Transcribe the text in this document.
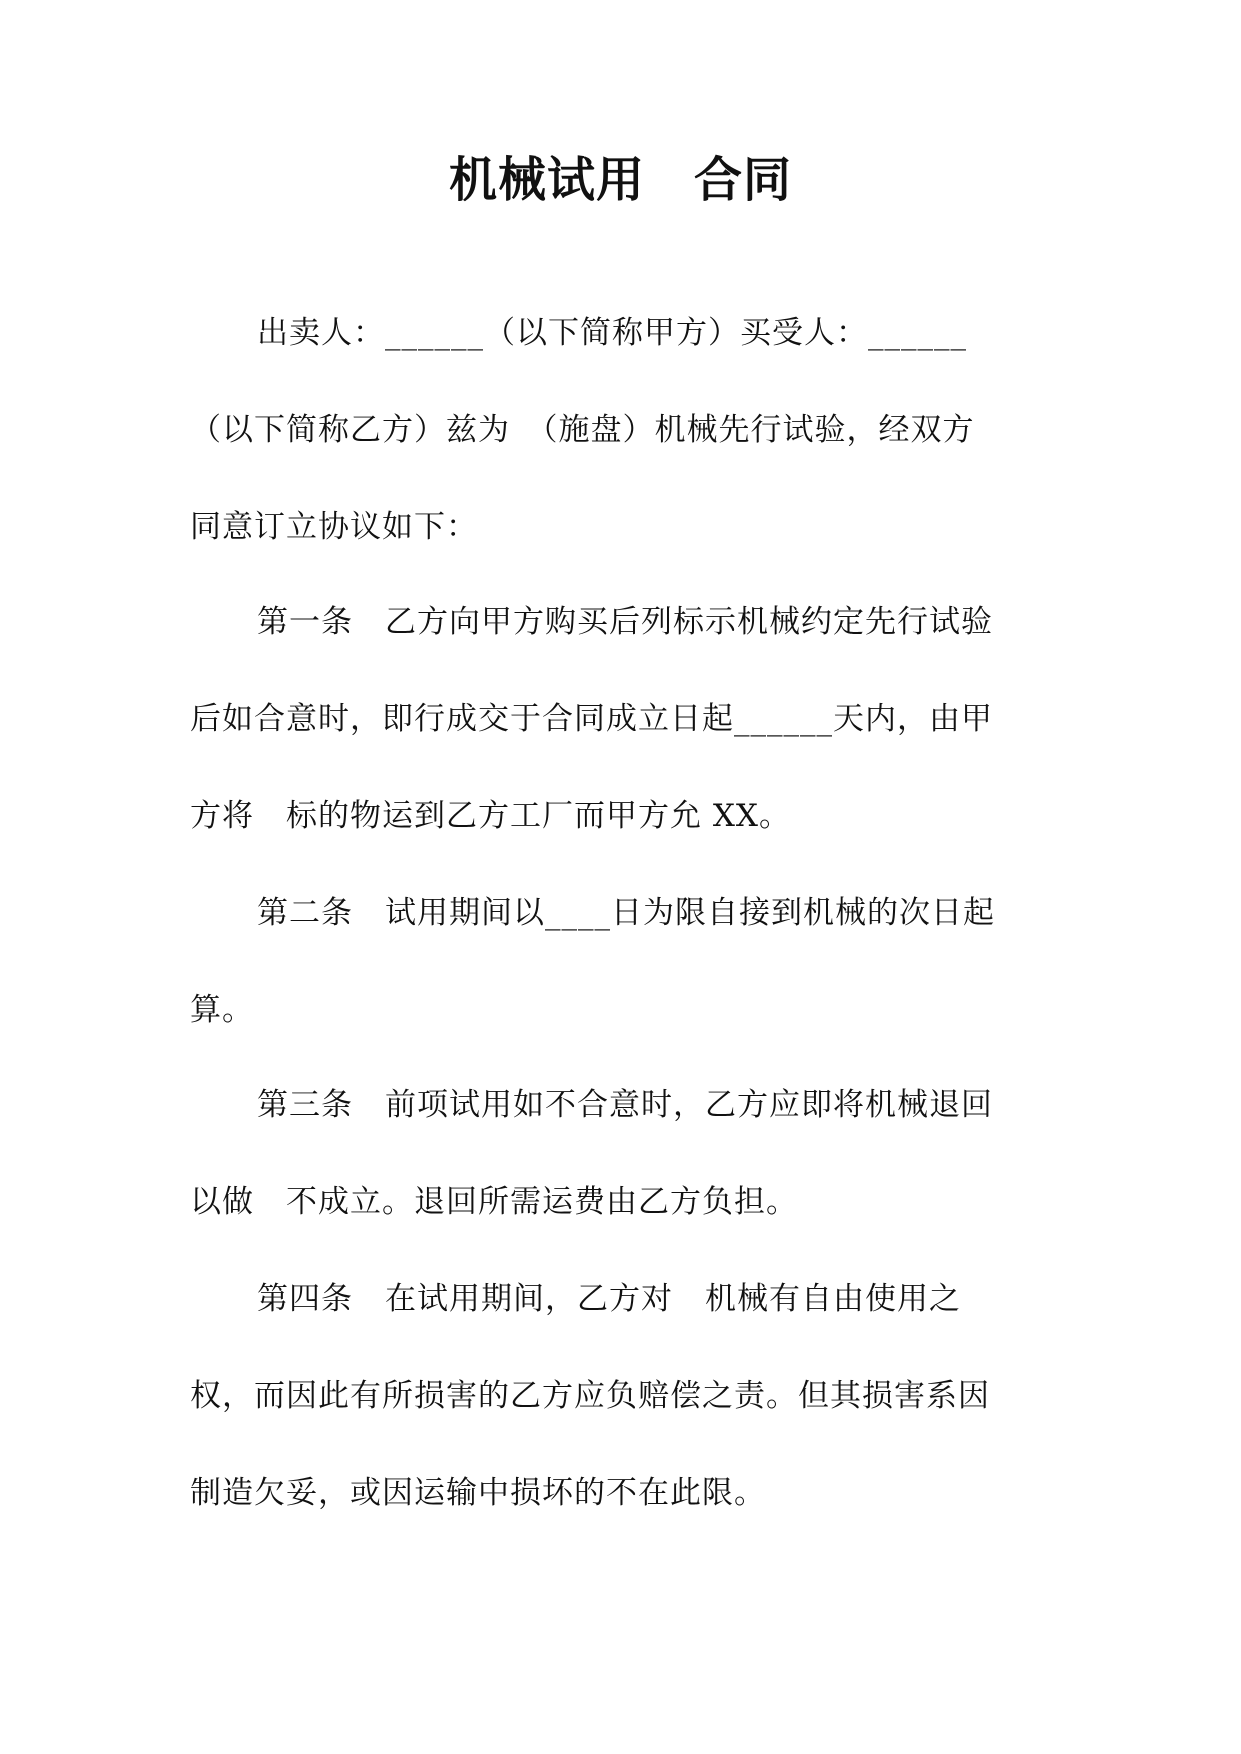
机械试用　合同
出卖人：______（以下简称甲方）买受人：______
（以下简称乙方）兹为　（施盘）机械先行试验，经双方
同意订立协议如下：
第一条　乙方向甲方购买后列标示机械约定先行试验
后如合意时，即行成交于合同成立日起______天内，由甲
方将　标的物运到乙方工厂而甲方允 XX。
第二条　试用期间以____日为限自接到机械的次日起
算。
第三条　前项试用如不合意时，乙方应即将机械退回
以做　不成立。退回所需运费由乙方负担。
第四条　在试用期间，乙方对　机械有自由使用之
权，而因此有所损害的乙方应负赔偿之责。但其损害系因
制造欠妥，或因运输中损坏的不在此限。
